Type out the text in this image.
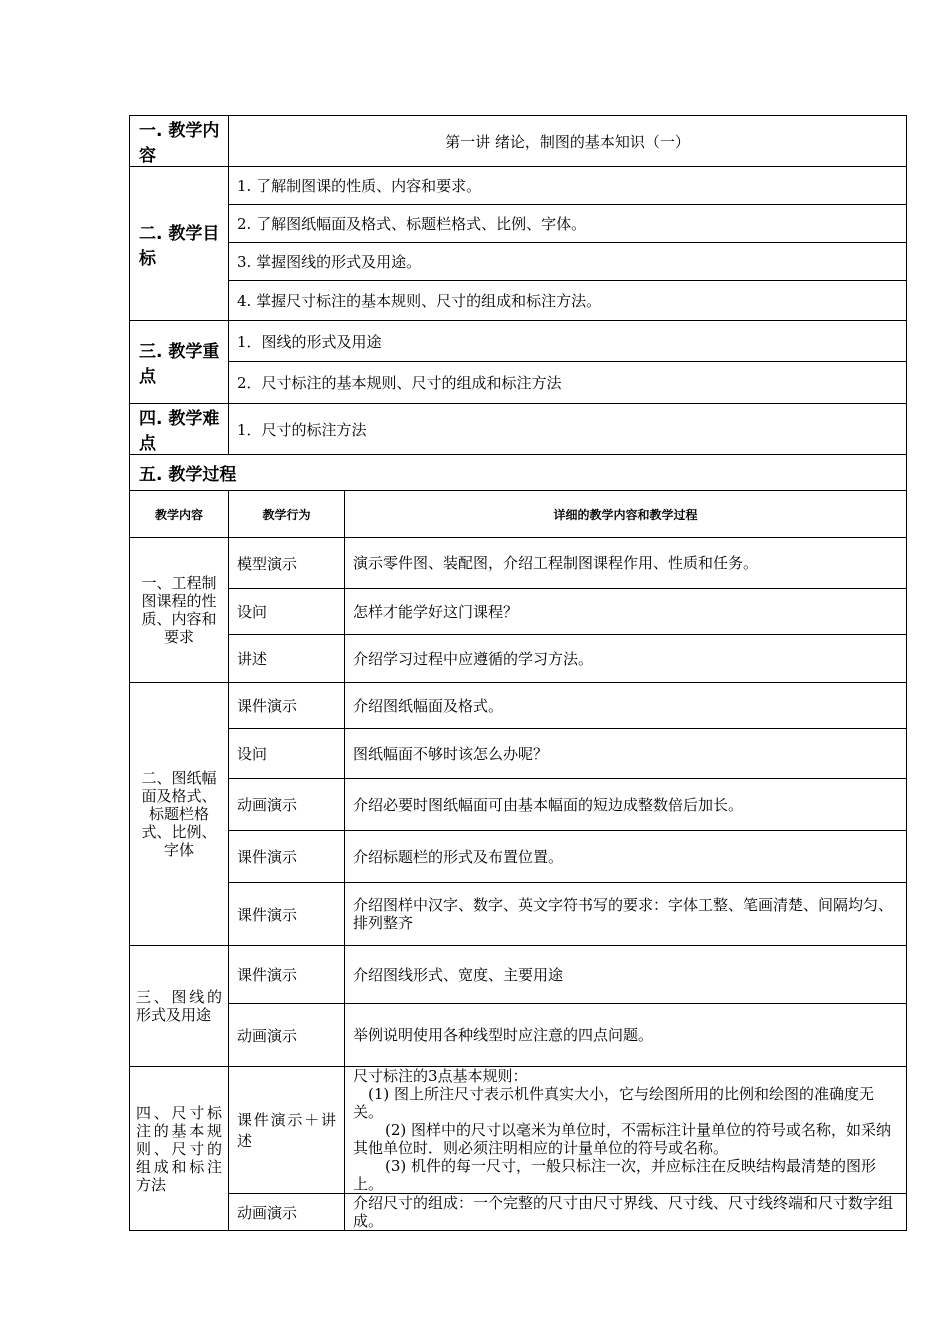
一. 教学内容	第一讲 绪论，制图的基本知识（一）	
二. 教学目标	1. 了解制图课的性质、内容和要求。	
	2. 了解图纸幅面及格式、标题栏格式、比例、字体。	
	3. 掌握图线的形式及用途。	
	4. 掌握尺寸标注的基本规则、尺寸的组成和标注方法。	
三. 教学重点	1．图线的形式及用途	
	2．尺寸标注的基本规则、尺寸的组成和标注方法	
四. 教学难点	1．尺寸的标注方法	
五. 教学过程		
教学内容	教学行为	详细的教学内容和教学过程
一、工程制图课程的性质、内容和要求	模型演示	演示零件图、装配图，介绍工程制图课程作用、性质和任务。
	设问	怎样才能学好这门课程？
	讲述	介绍学习过程中应遵循的学习方法。
二、图纸幅面及格式、标题栏格式、比例、字体	课件演示	介绍图纸幅面及格式。
	设问	图纸幅面不够时该怎么办呢？
	动画演示	介绍必要时图纸幅面可由基本幅面的短边成整数倍后加长。
	课件演示	介绍标题栏的形式及布置位置。
	课件演示	介绍图样中汉字、数字、英文字符书写的要求：字体工整、笔画清楚、间隔均匀、排列整齐
三、图线的形式及用途	课件演示	介绍图线形式、宽度、主要用途
	动画演示	举例说明使用各种线型时应注意的四点问题。
四、尺寸标注的基本规则、尺寸的组成和标注方法	课件演示＋讲述	尺寸标注的3点基本规则：
(1) 图上所注尺寸表示机件真实大小，它与绘图所用的比例和绘图的准确度无关。
(2) 图样中的尺寸以毫米为单位时，不需标注计量单位的符号或名称，如采纳其他单位时．则必须注明相应的计量单位的符号或名称。
(3) 机件的每一尺寸，一般只标注一次，并应标注在反映结构最清楚的图形上。

	动画演示	介绍尺寸的组成：一个完整的尺寸由尺寸界线、尺寸线、尺寸线终端和尺寸数字组成。
